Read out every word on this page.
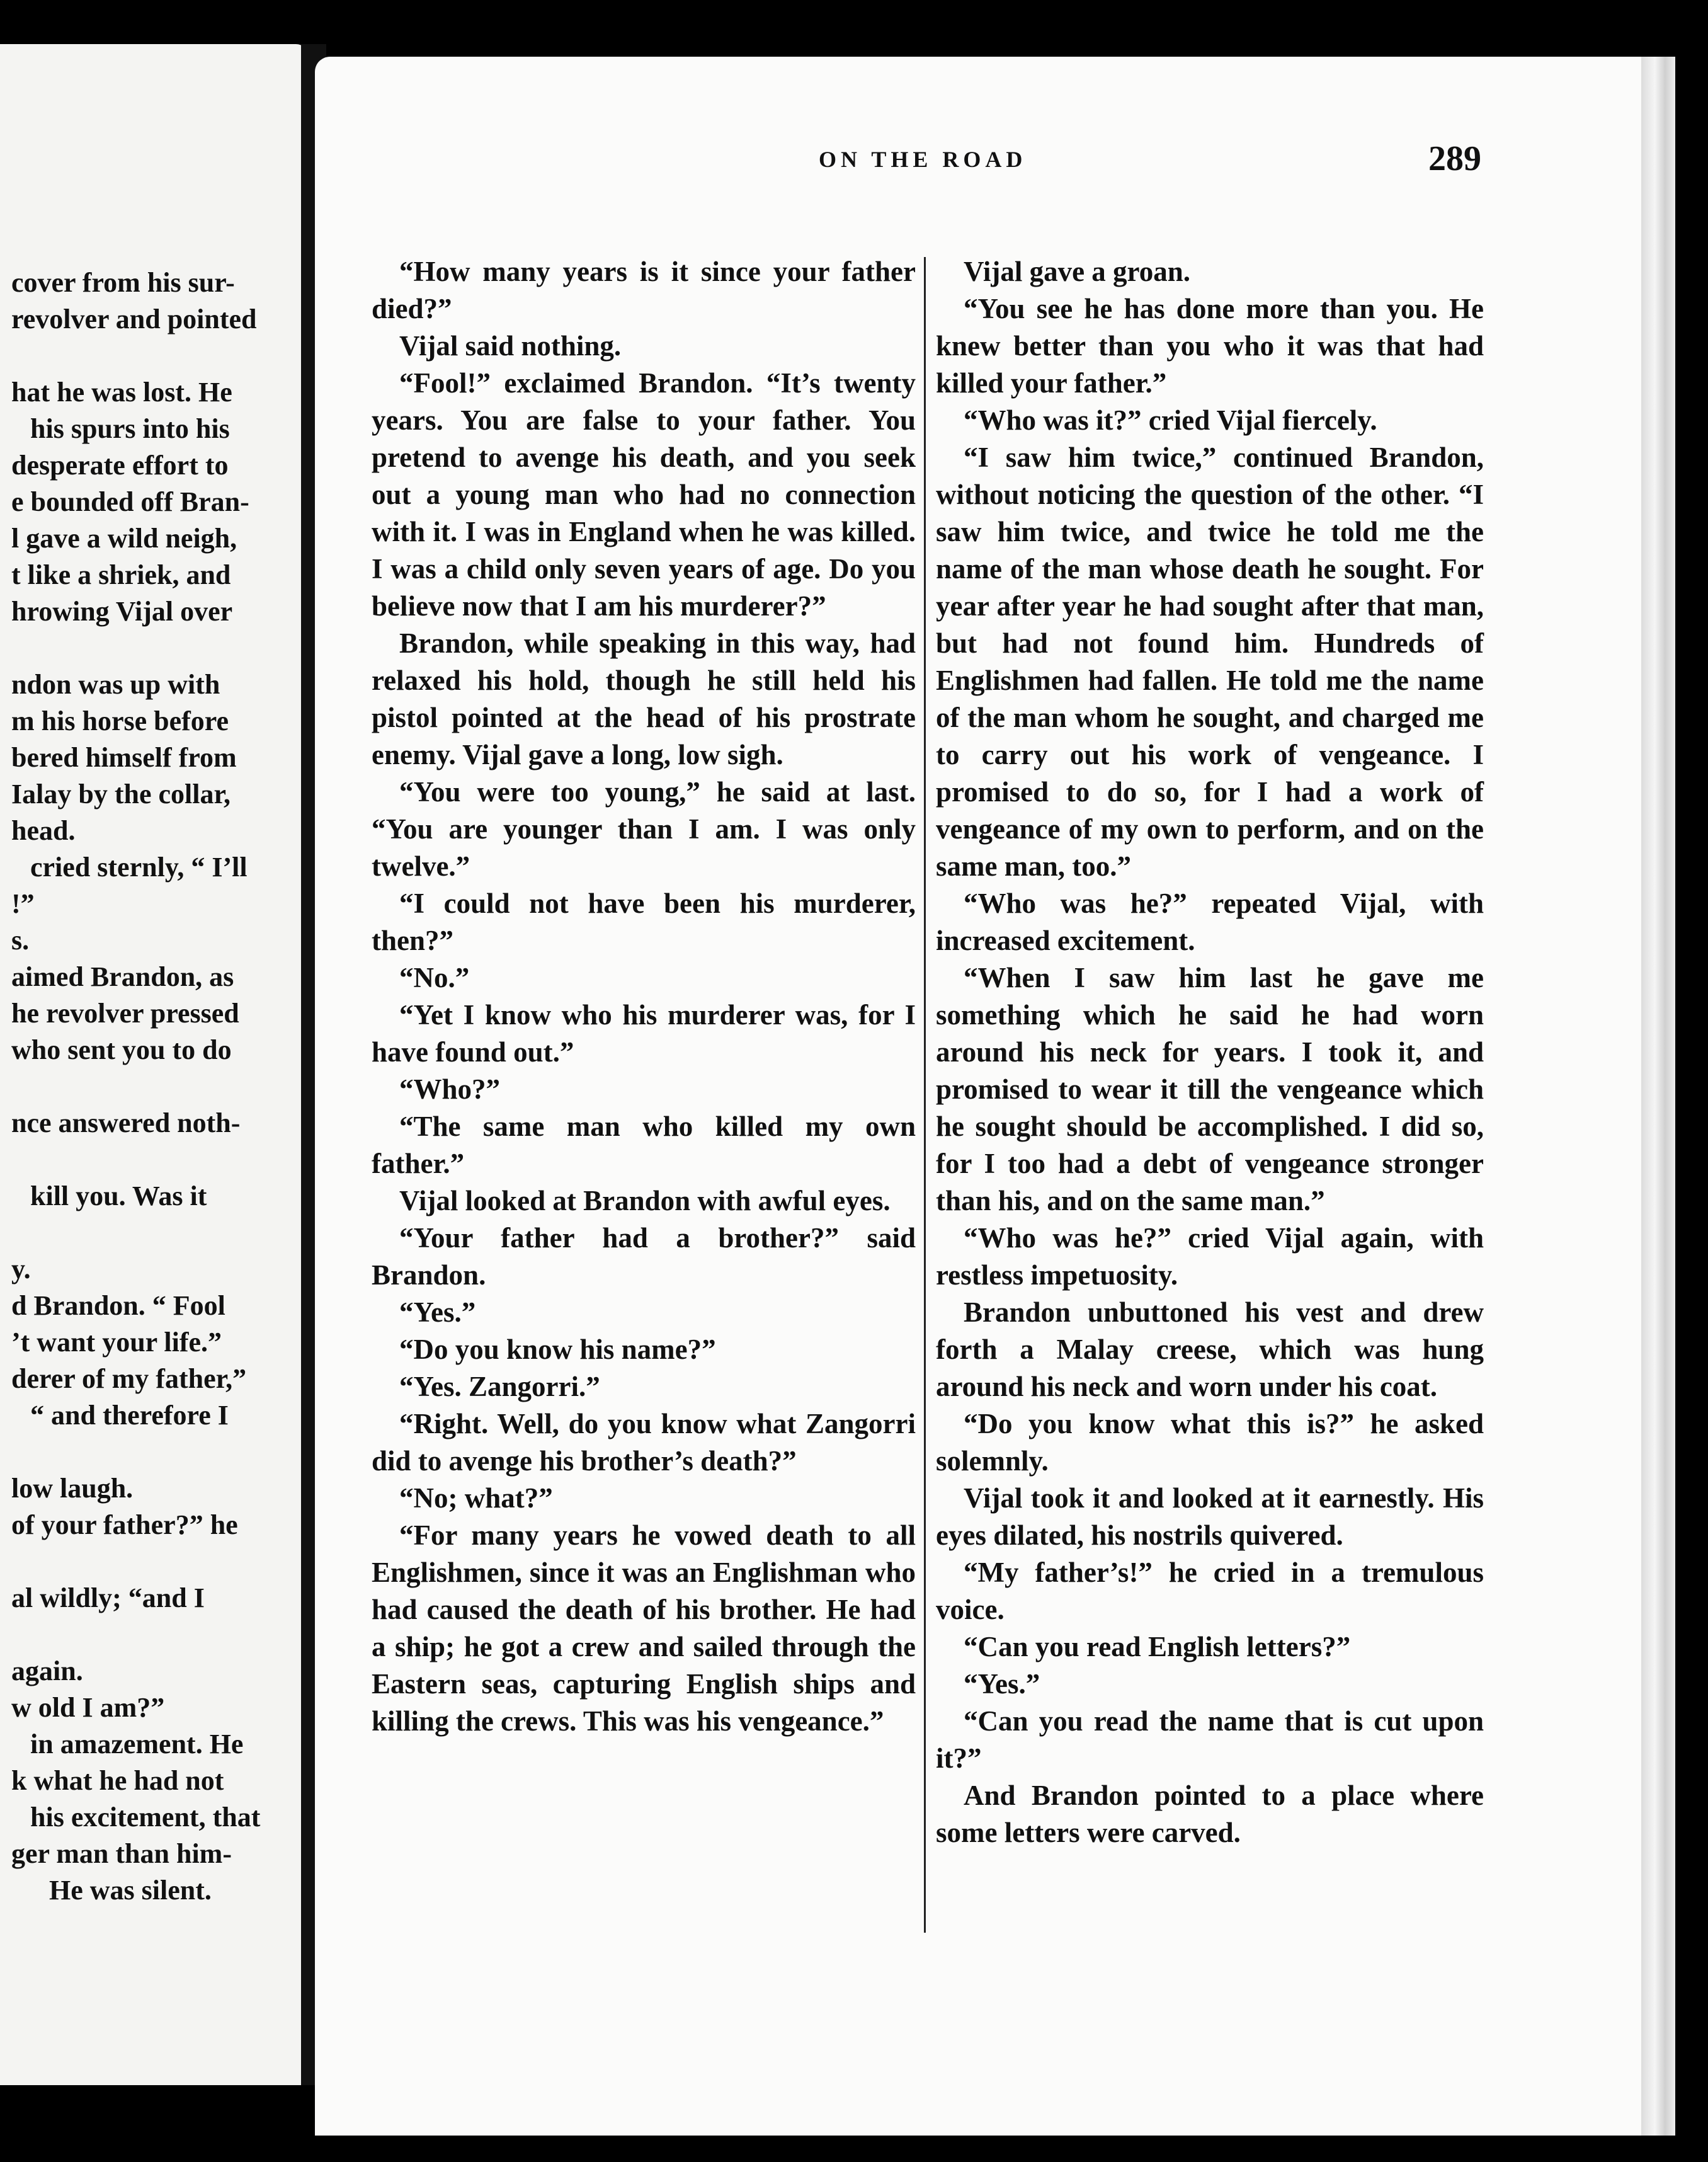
cover from his sur-
revolver and pointed
hat he was lost. He
his spurs into his
desperate effort to
e bounded off Bran-
l gave a wild neigh,
t like a shriek, and
hrowing Vijal over
ndon was up with
m his horse before
bered himself from
Ialay by the collar,
head.
cried sternly, “ I’ll
!”
s.
aimed Brandon, as
he revolver pressed
who sent you to do
nce answered noth-
kill you. Was it
y.
d Brandon. “ Fool
’t want your life.”
derer of my father,”
“ and therefore I
low laugh.
of your father?” he
al wildly; “and I
again.
w old I am?”
in amazement. He
k what he had not
his excitement, that
ger man than him-
He was silent.
ON THE ROAD	289

“How many years is it since your father died?”

Vijal said nothing.

“Fool!” exclaimed Brandon. “It’s twenty years. You are false to your father. You pretend to avenge his death, and you seek out a young man who had no connection with it. I was in England when he was killed. I was a child only seven years of age. Do you believe now that I am his murderer?”

Brandon, while speaking in this way, had relaxed his hold, though he still held his pistol pointed at the head of his prostrate enemy. Vijal gave a long, low sigh.

“You were too young,” he said at last. “You are younger than I am. I was only twelve.”

“I could not have been his murderer, then?”

“No.”

“Yet I know who his murderer was, for I have found out.”

“Who?”

“The same man who killed my own father.”

Vijal looked at Brandon with awful eyes.

“Your father had a brother?” said Brandon.

“Yes.”

“Do you know his name?”

“Yes. Zangorri.”

“Right. Well, do you know what Zangorri did to avenge his brother’s death?”

“No; what?”

“For many years he vowed death to all Englishmen, since it was an Englishman who had caused the death of his brother. He had a ship; he got a crew and sailed through the Eastern seas, capturing English ships and killing the crews. This was his vengeance.”

Vijal gave a groan.

“You see he has done more than you. He knew better than you who it was that had killed your father.”

“Who was it?” cried Vijal fiercely.

“I saw him twice,” continued Brandon, without noticing the question of the other. “I saw him twice, and twice he told me the name of the man whose death he sought. For year after year he had sought after that man, but had not found him. Hundreds of Englishmen had fallen. He told me the name of the man whom he sought, and charged me to carry out his work of vengeance. I promised to do so, for I had a work of vengeance of my own to perform, and on the same man, too.”

“Who was he?” repeated Vijal, with increased excitement.

“When I saw him last he gave me something which he said he had worn around his neck for years. I took it, and promised to wear it till the vengeance which he sought should be accomplished. I did so, for I too had a debt of vengeance stronger than his, and on the same man.”

“Who was he?” cried Vijal again, with restless impetuosity.

Brandon unbuttoned his vest and drew forth a Malay creese, which was hung around his neck and worn under his coat.

“Do you know what this is?” he asked solemnly.

Vijal took it and looked at it earnestly. His eyes dilated, his nostrils quivered.

“My father’s!” he cried in a tremulous voice.

“Can you read English letters?”

“Yes.”

“Can you read the name that is cut upon it?”

And Brandon pointed to a place where some letters were carved.
